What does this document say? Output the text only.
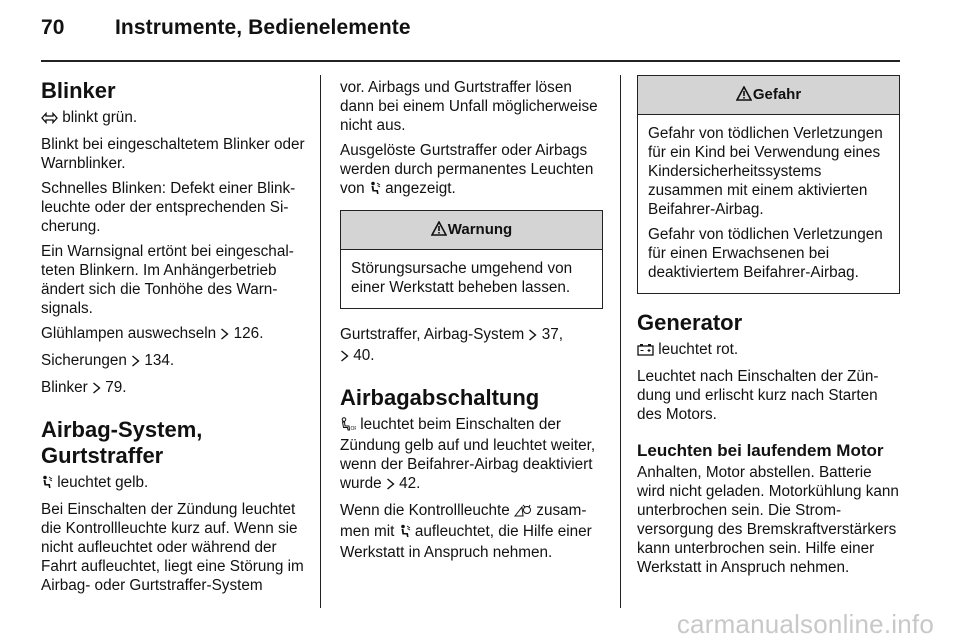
70 Instrumente, Bedienelemente
Blinker

blinkt grün.

Blinkt bei eingeschaltetem Blinker oder Warnblinker.

Schnelles Blinken: Defekt einer Blinkleuchte oder der entsprechenden Sicherung.

Ein Warnsignal ertönt bei eingeschalteten Blinkern. Im Anhängerbetrieb ändert sich die Tonhöhe des Warnsignals.

Glühlampen auswechseln  126.

Sicherungen  134.

Blinker  79.

Airbag-System,
Gurtstraffer

leuchtet gelb.

Bei Einschalten der Zündung leuchtet die Kontrollleuchte kurz auf. Wenn sie nicht aufleuchtet oder während der Fahrt aufleuchtet, liegt eine Störung im Airbag- oder Gurtstraffer-System

vor. Airbags und Gurtstraffer lösen dann bei einem Unfall möglicherweise nicht aus.

Ausgelöste Gurtstraffer oder Airbags werden durch permanentes Leuchten von  angezeigt.

Warnung

Störungsursache umgehend von einer Werkstatt beheben lassen.

Gurtstraffer, Airbag-System  37,

40.

Airbagabschaltung

O leuchtet beim Einschalten der Zündung gelb auf und leuchtet weiter, wenn der Beifahrer-Airbag deaktiviert wurde  42.

Wenn die Kontrollleuchte  zusammen mit  aufleuchtet, die Hilfe einer Werkstatt in Anspruch nehmen.

Gefahr

Gefahr von tödlichen Verletzungen für ein Kind bei Verwendung eines Kindersicherheitssystems zusammen mit einem aktivierten Beifahrer-Airbag.

Gefahr von tödlichen Verletzungen für einen Erwachsenen bei deaktiviertem Beifahrer-Airbag.

Generator

leuchtet rot.

Leuchtet nach Einschalten der Zündung und erlischt kurz nach Starten des Motors.

Leuchten bei laufendem Motor

Anhalten, Motor abstellen. Batterie wird nicht geladen. Motorkühlung kann unterbrochen sein. Die Stromversorgung des Bremskraftverstärkers kann unterbrochen sein. Hilfe einer Werkstatt in Anspruch nehmen.

carmanualsonline.info
